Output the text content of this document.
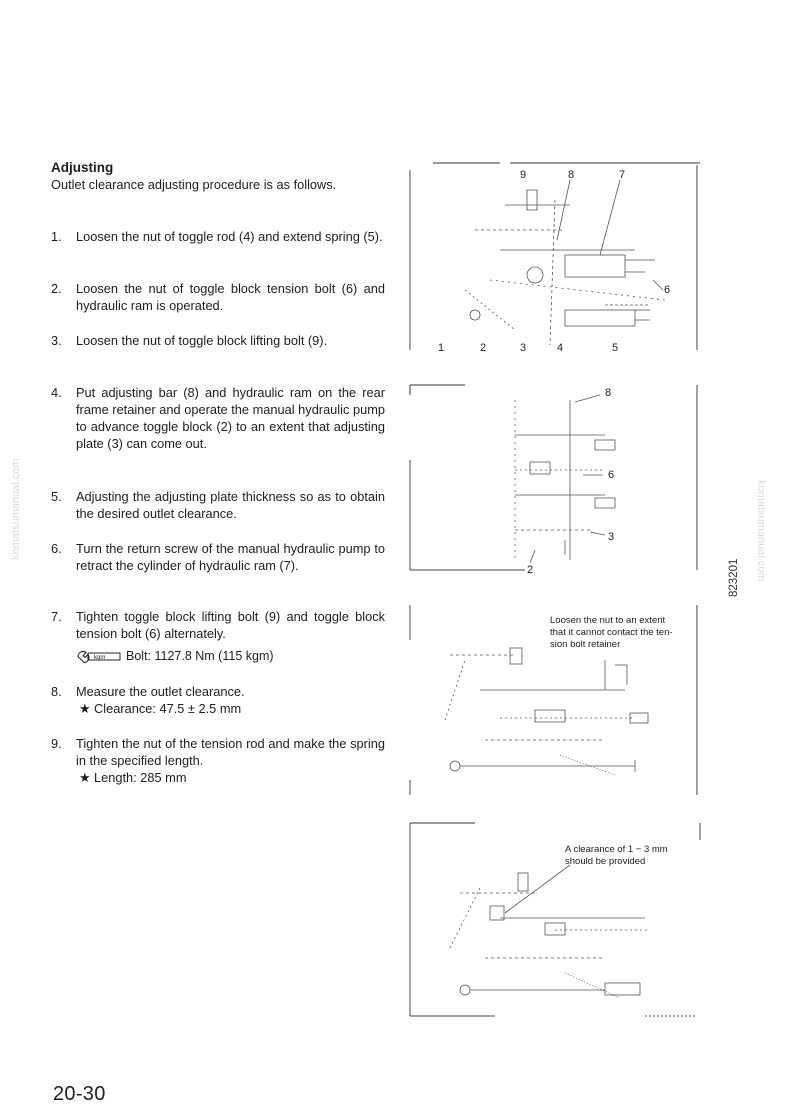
Adjusting
Outlet clearance adjusting procedure is as follows.
1. Loosen the nut of toggle rod (4) and extend spring (5).
2. Loosen the nut of toggle block tension bolt (6) and hydraulic ram is operated.
3. Loosen the nut of toggle block lifting bolt (9).
4. Put adjusting bar (8) and hydraulic ram on the rear frame retainer and operate the manual hydraulic pump to advance toggle block (2) to an extent that adjusting plate (3) can come out.
5. Adjusting the adjusting plate thickness so as to obtain the desired outlet clearance.
6. Turn the return screw of the manual hydraulic pump to retract the cylinder of hydraulic ram (7).
7. Tighten toggle block lifting bolt (9) and toggle block tension bolt (6) alternately.
kgm Bolt: 1127.8 Nm (115 kgm)
8. Measure the outlet clearance.
★ Clearance: 47.5 ± 2.5 mm
9. Tighten the nut of the tension rod and make the spring in the specified length.
★ Length: 285 mm
9	8	7
6
1	2	3	4	5
8
6
3
2
Loosen the nut to an extent
that it cannot contact the ten-
sion bolt retainer
A clearance of 1 − 3 mm
should be provided
823201
komatsumanual.com	komatsumanual.com
20-30
